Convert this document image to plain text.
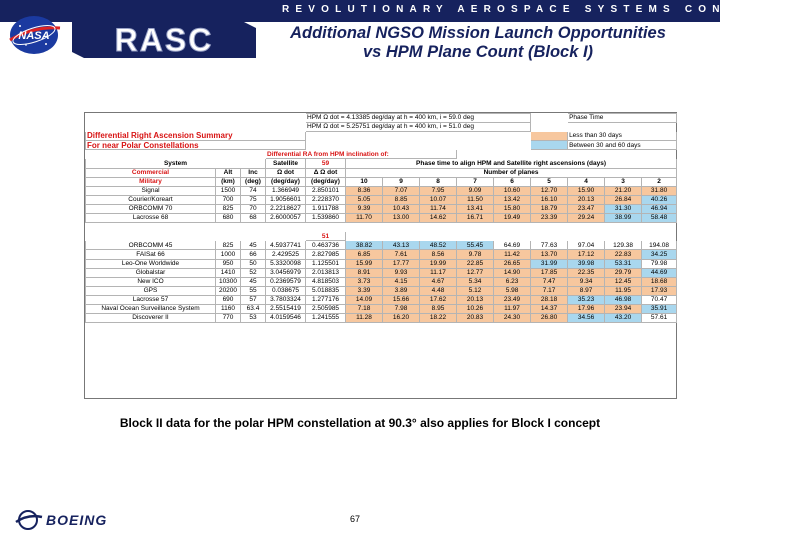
REVOLUTIONARY AEROSPACE SYSTEMS CONCEPTS
NASA RASC	Additional NGSO Mission Launch Opportunities
vs HPM Plane Count (Block I)
				HPM Ω dot = 4.13385 deg/day at h = 400 km, i = 59.0 deg							Phase Time		
				HPM Ω dot = 5.25751 deg/day at h = 400 km, i = 51.0 deg									
Differential Right Ascension Summary											Less than 30 days		
For near Polar Constellations											Between 30 and 60 days		
			Differential RA from HPM inclination of:										
System			Satellite	59	Phase time to align HPM and Satellite right ascensions (days)								
Commercial	Alt	Inc	Ω dot	Δ Ω dot	Number of planes								
Military	(km)	(deg)	(deg/day)	(deg/day)	10	9	8	7	6	5	4	3	2
Signal	1500	74	1.366949	2.850101	8.36	7.07	7.95	9.09	10.60	12.70	15.90	21.20	31.80
Courier/Koreart	700	75	1.9056601	2.228370	5.05	8.85	10.07	11.50	13.42	16.10	20.13	26.84	40.26
ORBCOMM 70	825	70	2.2218627	1.911788	9.39	10.43	11.74	13.41	15.80	18.79	23.47	31.30	46.94
Lacrosse 68	680	68	2.6000057	1.539860	11.70	13.00	14.62	16.71	19.49	23.39	29.24	38.99	58.48

				51									
ORBCOMM 45	825	45	4.5937741	0.463736	38.82	43.13	48.52	55.45	64.69	77.63	97.04	129.38	194.08
FAISat 66	1000	66	2.429525	2.827985	6.85	7.61	8.56	9.78	11.42	13.70	17.12	22.83	34.25
Leo-One Worldwide	950	50	5.3320098	1.125501	15.99	17.77	19.99	22.85	26.65	31.99	39.98	53.31	79.98
Globalstar	1410	52	3.0456979	2.013813	8.91	9.93	11.17	12.77	14.90	17.85	22.35	29.79	44.69
New ICO	10300	45	0.2369579	4.818503	3.73	4.15	4.67	5.34	6.23	7.47	9.34	12.45	18.68
GPS	20200	55	0.038675	5.018835	3.39	3.89	4.48	5.12	5.98	7.17	8.97	11.95	17.93
Lacrosse 57	690	57	3.7803324	1.277176	14.09	15.66	17.62	20.13	23.49	28.18	35.23	46.98	70.47
Naval Ocean Surveillance System	1160	63.4	2.5515419	2.505985	7.18	7.98	8.95	10.26	11.97	14.37	17.96	23.94	35.91
Discoverer II	770	53	4.0159546	1.241555	11.28	16.20	18.22	20.83	24.30	26.80	34.56	43.20	57.61
Block II data for the polar HPM constellation at 90.3° also applies for Block I concept
BOEING	67
